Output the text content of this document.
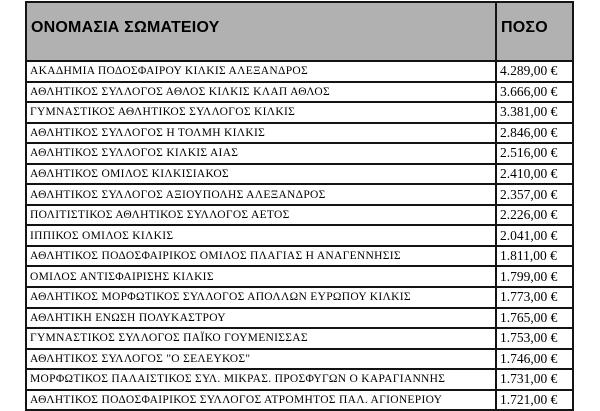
ΟΝΟΜΑΣΙΑ ΣΩΜΑΤΕΙΟΥ	ΠΟΣΟ
ΑΚΑΔΗΜΙΑ ΠΟΔΟΣΦΑΙΡΟΥ ΚΙΛΚΙΣ ΑΛΕΞΑΝΔΡΟΣ	4.289,00 €
ΑΘΛΗΤΙΚΟΣ ΣΥΛΛΟΓΟΣ ΑΘΛΟΣ ΚΙΛΚΙΣ ΚΛΑΠ ΑΘΛΟΣ	3.666,00 €
ΓΥΜΝΑΣΤΙΚΟΣ ΑΘΛΗΤΙΚΟΣ ΣΥΛΛΟΓΟΣ ΚΙΛΚΙΣ	3.381,00 €
ΑΘΛΗΤΙΚΟΣ ΣΥΛΛΟΓΟΣ Η ΤΟΛΜΗ ΚΙΛΚΙΣ	2.846,00 €
ΑΘΛΗΤΙΚΟΣ ΣΥΛΛΟΓΟΣ ΚΙΛΚΙΣ ΑΙΑΣ	2.516,00 €
ΑΘΛΗΤΙΚΟΣ ΟΜΙΛΟΣ ΚΙΛΚΙΣΙΑΚΟΣ	2.410,00 €
ΑΘΛΗΤΙΚΟΣ ΣΥΛΛΟΓΟΣ ΑΞΙΟΥΠΟΛΗΣ ΑΛΕΞΑΝΔΡΟΣ	2.357,00 €
ΠΟΛΙΤΙΣΤΙΚΟΣ ΑΘΛΗΤΙΚΟΣ ΣΥΛΛΟΓΟΣ ΑΕΤΟΣ	2.226,00 €
ΙΠΠΙΚΟΣ ΟΜΙΛΟΣ ΚΙΛΚΙΣ	2.041,00 €
ΑΘΛΗΤΙΚΟΣ ΠΟΔΟΣΦΑΙΡΙΚΟΣ ΟΜΙΛΟΣ ΠΛΑΓΙΑΣ Η ΑΝΑΓΕΝΝΗΣΙΣ	1.811,00 €
ΟΜΙΛΟΣ ΑΝΤΙΣΦΑΙΡΙΣΗΣ ΚΙΛΚΙΣ	1.799,00 €
ΑΘΛΗΤΙΚΟΣ ΜΟΡΦΩΤΙΚΟΣ ΣΥΛΛΟΓΟΣ ΑΠΟΛΛΩΝ ΕΥΡΩΠΟΥ ΚΙΛΚΙΣ	1.773,00 €
ΑΘΛΗΤΙΚΗ ΕΝΩΣΗ ΠΟΛΥΚΑΣΤΡΟΥ	1.765,00 €
ΓΥΜΝΑΣΤΙΚΟΣ ΣΥΛΛΟΓΟΣ ΠΑΪΚΟ ΓΟΥΜΕΝΙΣΣΑΣ	1.753,00 €
ΑΘΛΗΤΙΚΟΣ ΣΥΛΛΟΓΟΣ "Ο ΣΕΛΕΥΚΟΣ"	1.746,00 €
ΜΟΡΦΩΤΙΚΟΣ ΠΑΛΑΙΣΤΙΚΟΣ ΣΥΛ. ΜΙΚΡΑΣ. ΠΡΟΣΦΥΓΩΝ Ο ΚΑΡΑΓΙΑΝΝΗΣ	1.731,00 €
ΑΘΛΗΤΙΚΟΣ ΠΟΔΟΣΦΑΙΡΙΚΟΣ ΣΥΛΛΟΓΟΣ ΑΤΡΟΜΗΤΟΣ ΠΑΛ. ΑΓΙΟΝΕΡΙΟΥ	1.721,00 €
